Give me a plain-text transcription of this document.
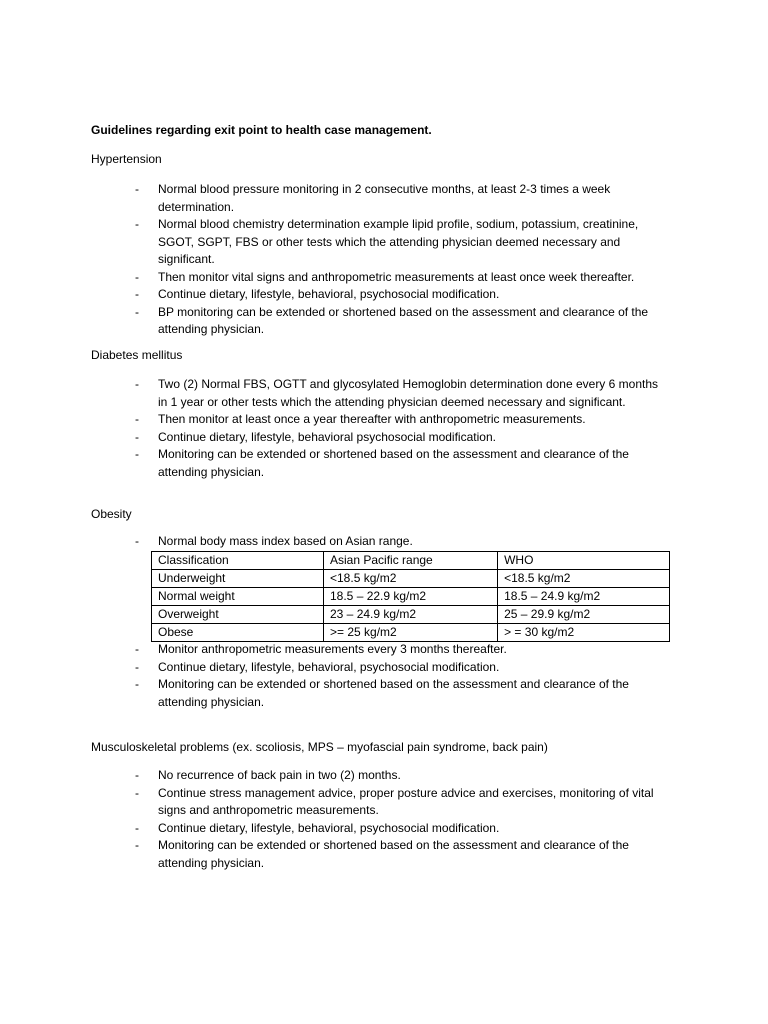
Guidelines regarding exit point to health case management.
Hypertension
- Normal blood pressure monitoring in 2 consecutive months, at least 2-3 times a week determination.
- Normal blood chemistry determination example lipid profile, sodium, potassium, creatinine, SGOT, SGPT, FBS or other tests which the attending physician deemed necessary and significant.
- Then monitor vital signs and anthropometric measurements at least once week thereafter.
- Continue dietary, lifestyle, behavioral, psychosocial modification.
- BP monitoring can be extended or shortened based on the assessment and clearance of the attending physician.
Diabetes mellitus
- Two (2) Normal FBS, OGTT and glycosylated Hemoglobin determination done every 6 months in 1 year or other tests which the attending physician deemed necessary and significant.
- Then monitor at least once a year thereafter with anthropometric measurements.
- Continue dietary, lifestyle, behavioral psychosocial modification.
- Monitoring can be extended or shortened based on the assessment and clearance of the attending physician.
Obesity
- Normal body mass index based on Asian range.
Classification	Asian Pacific range	WHO
Underweight	<18.5 kg/m2	<18.5 kg/m2
Normal weight	18.5 – 22.9 kg/m2	18.5 – 24.9 kg/m2
Overweight	23 – 24.9 kg/m2	25 – 29.9 kg/m2
Obese	>= 25 kg/m2	> = 30 kg/m2
- Monitor anthropometric measurements every 3 months thereafter.
- Continue dietary, lifestyle, behavioral, psychosocial modification.
- Monitoring can be extended or shortened based on the assessment and clearance of the attending physician.
Musculoskeletal problems (ex. scoliosis, MPS – myofascial pain syndrome, back pain)
- No recurrence of back pain in two (2) months.
- Continue stress management advice, proper posture advice and exercises, monitoring of vital signs and anthropometric measurements.
- Continue dietary, lifestyle, behavioral, psychosocial modification.
- Monitoring can be extended or shortened based on the assessment and clearance of the attending physician.
